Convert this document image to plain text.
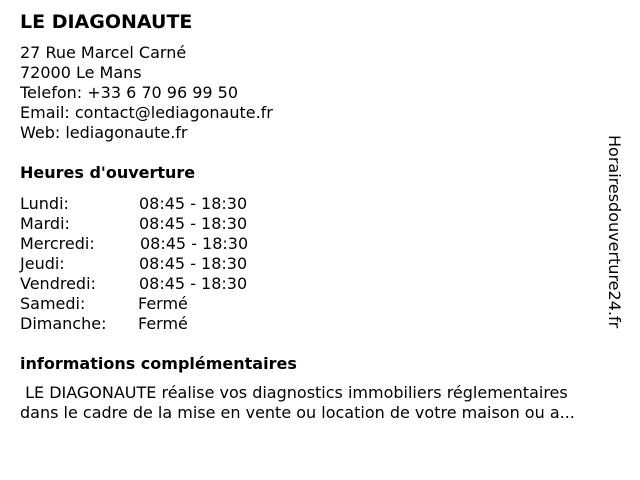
LE DIAGONAUTE
27 Rue Marcel Carné
72000 Le Mans
Telefon: +33 6 70 96 99 50
Email: contact@lediagonaute.fr
Web: lediagonaute.fr
Heures d'ouverture
Lundi:	08:45 - 18:30
Mardi:	08:45 - 18:30
Mercredi:	08:45 - 18:30
Jeudi:	08:45 - 18:30
Vendredi:	08:45 - 18:30
Samedi:	Fermé
Dimanche: Fermé
informations complémentaires
LE DIAGONAUTE réalise vos diagnostics immobiliers réglementaires
dans le cadre de la mise en vente ou location de votre maison ou a...
Horairesdouverture24.fr
